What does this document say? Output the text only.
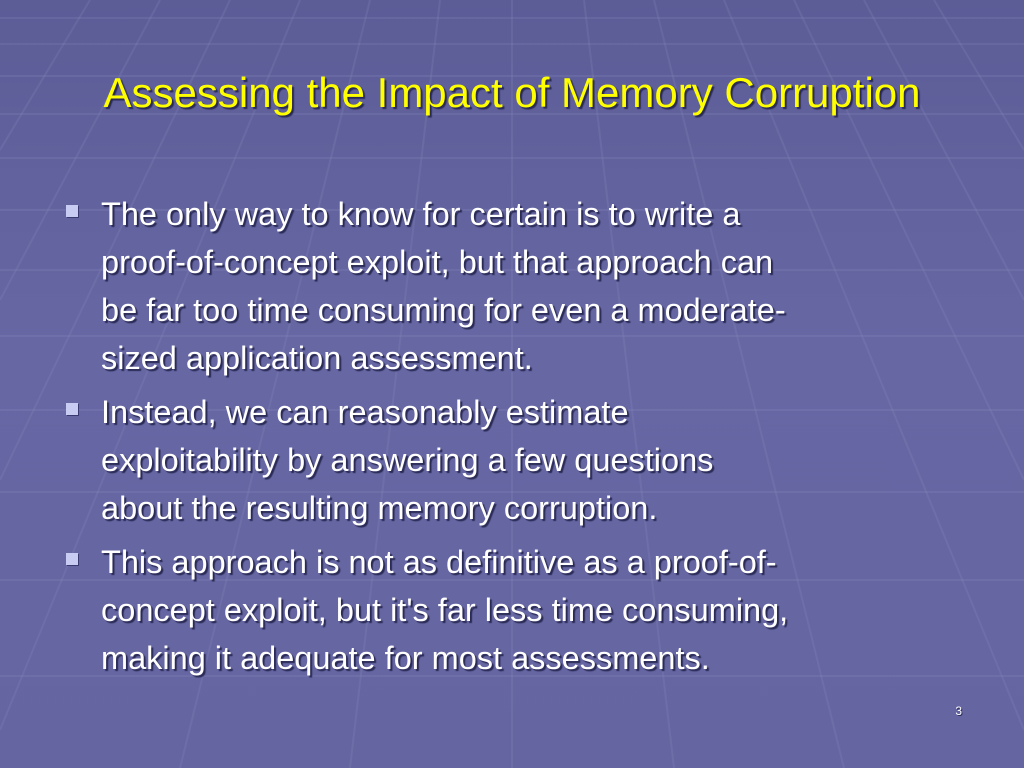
Assessing the Impact of Memory Corruption
The only way to know for certain is to write a
proof-of-concept exploit, but that approach can
be far too time consuming for even a moderate-
sized application assessment.
Instead, we can reasonably estimate
exploitability by answering a few questions
about the resulting memory corruption.
This approach is not as definitive as a proof-of-
concept exploit, but it's far less time consuming,
making it adequate for most assessments.
3
